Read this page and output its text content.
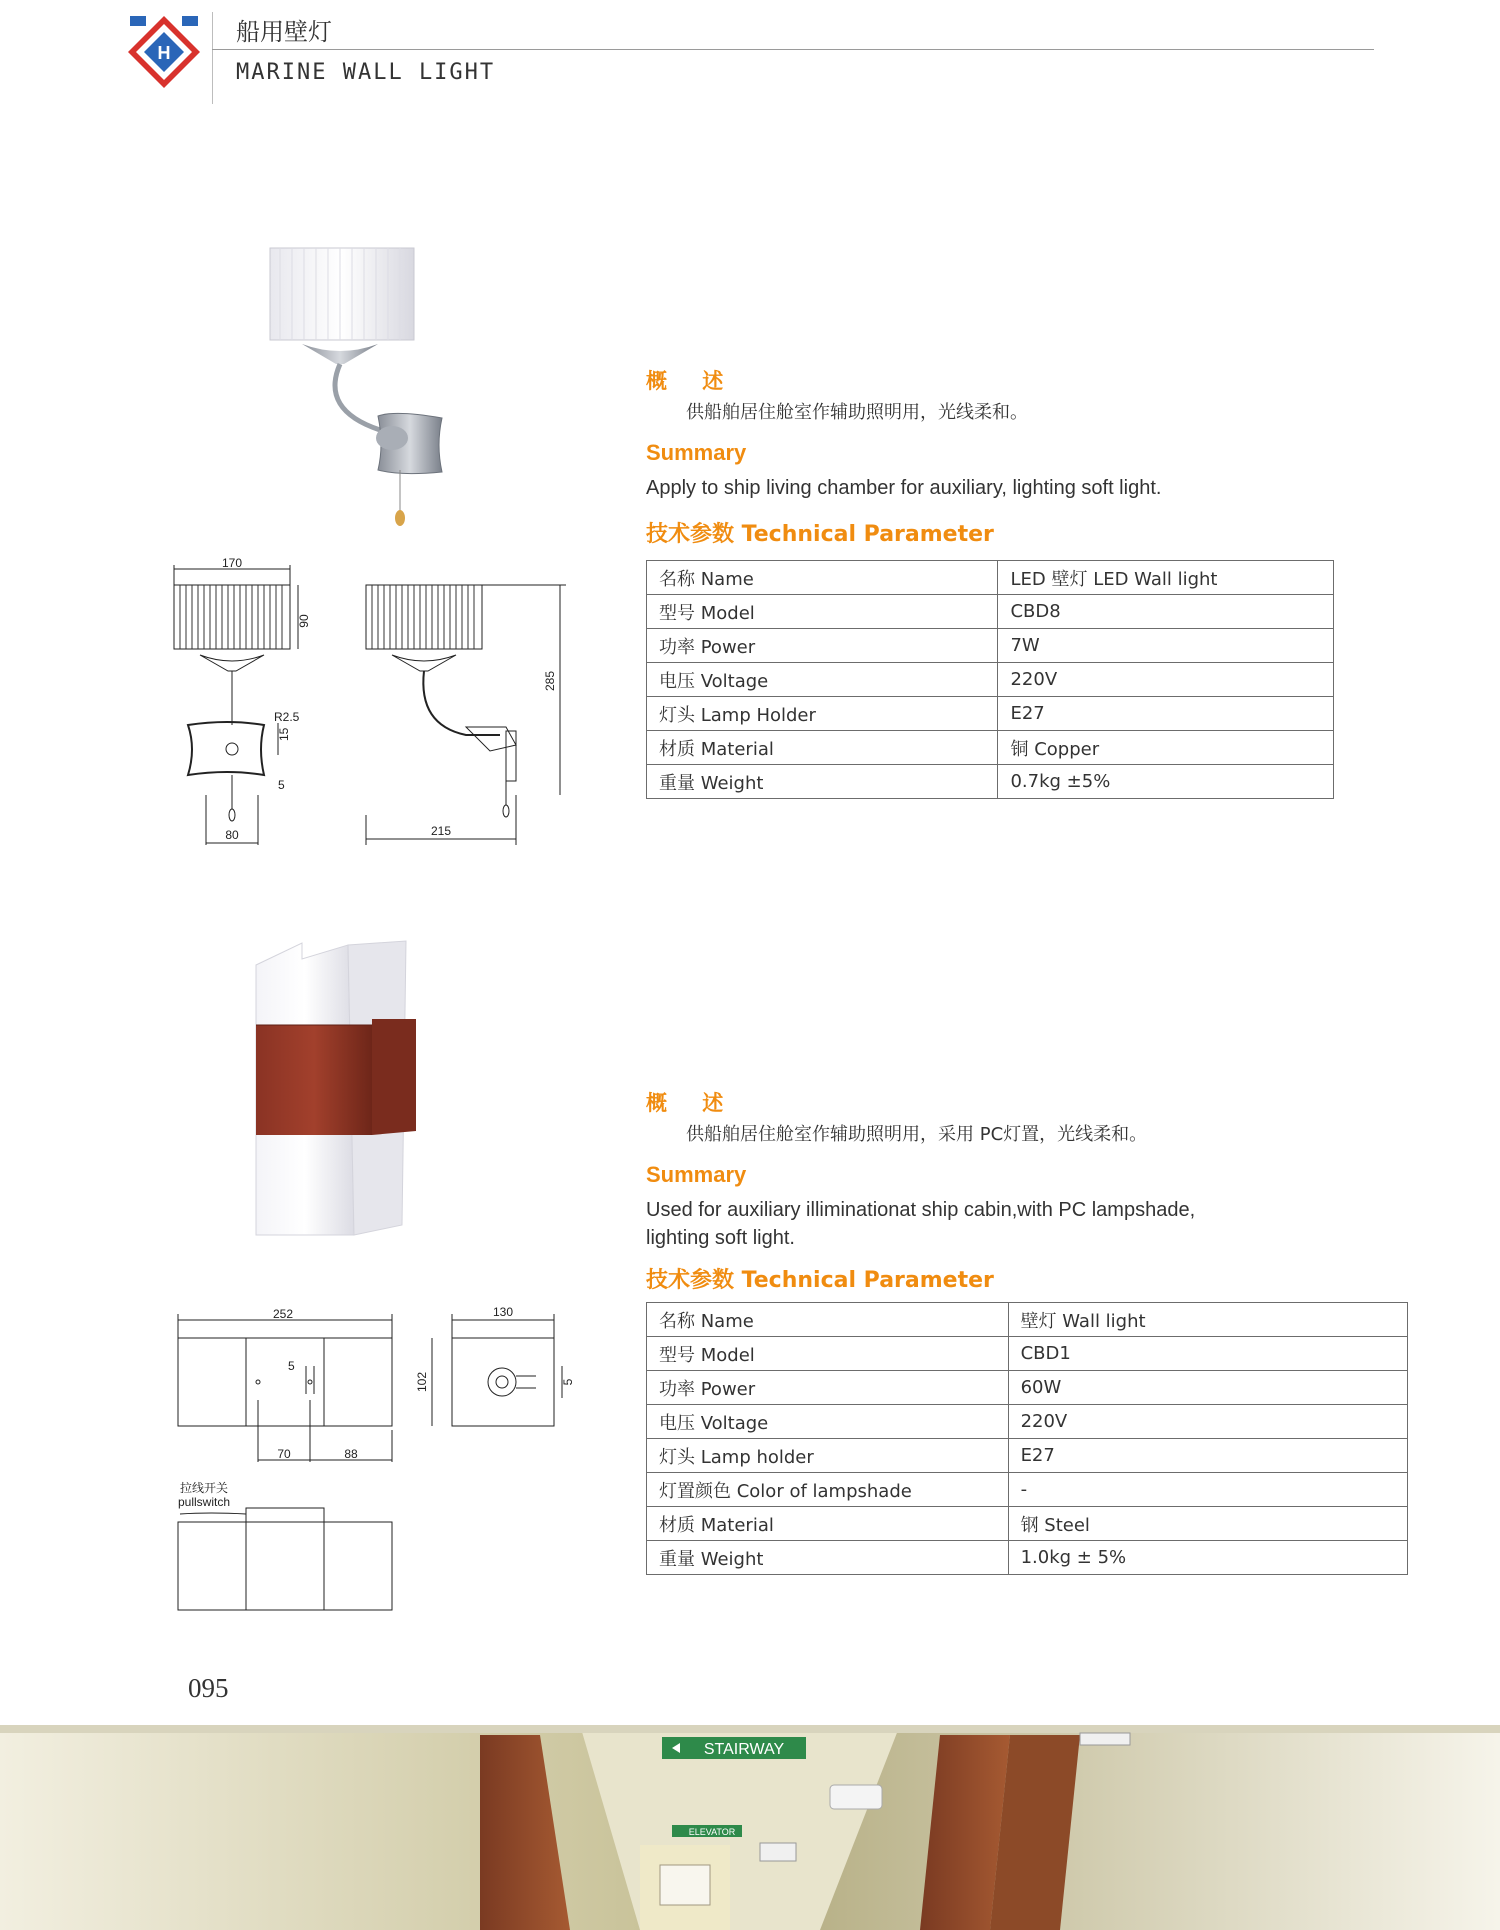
H
船用壁灯
MARINE WALL LIGHT
170
90
R2.5
15
5
80	215
285
概 述
供船舶居住舱室作辅助照明用，光线柔和。
Summary
Apply to ship living chamber for auxiliary, lighting soft light.
技术参数 Technical Parameter
名称 Name	LED 壁灯 LED Wall light
型号 Model	CBD8
功率 Power	7W
电压 Voltage	220V
灯头 Lamp Holder	E27
材质 Material	铜 Copper
重量 Weight	0.7kg ±5%
252
5
70	88
130
102	5
拉线开关
pullswitch
概 述
供船舶居住舱室作辅助照明用，采用 PC灯置，光线柔和。
Summary
Used for auxiliary illiminationat ship cabin,with PC lampshade,
lighting soft light.
技术参数 Technical Parameter
名称 Name	壁灯 Wall light
型号 Model	CBD1
功率 Power	60W
电压 Voltage	220V
灯头 Lamp holder	E27
灯置颜色 Color of lampshade	-
材质 Material	钢 Steel
重量 Weight	1.0kg ± 5%
095
STAIRWAY
ELEVATOR
